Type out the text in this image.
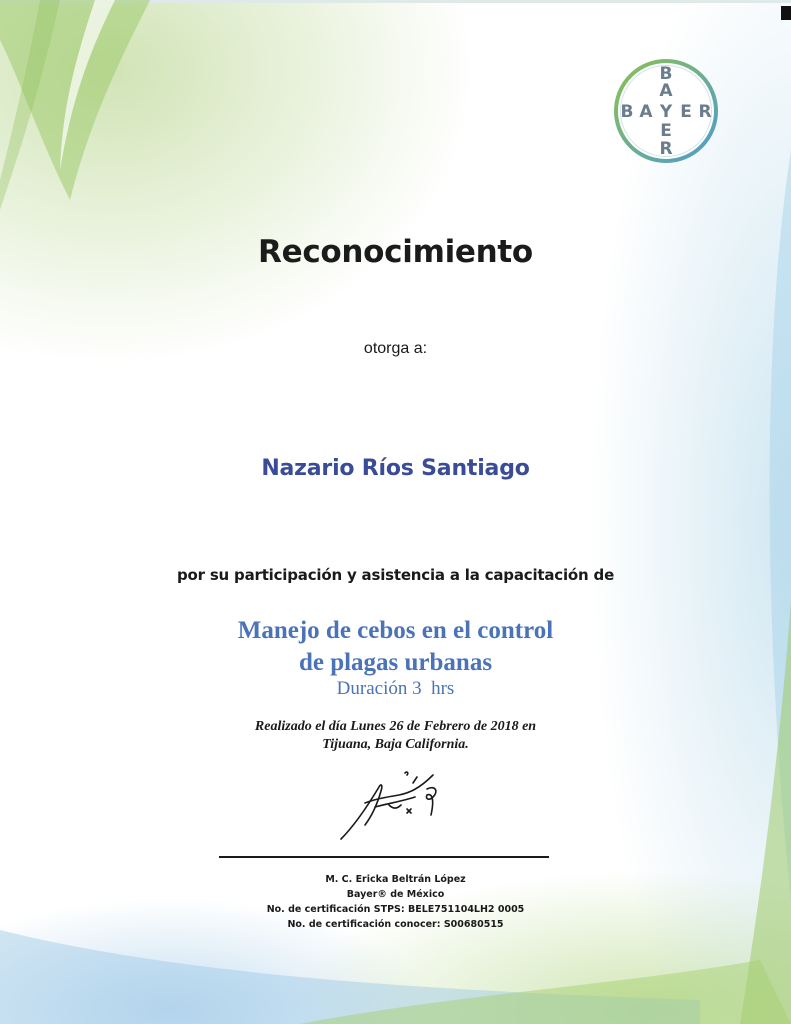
B
A
B A Y E R
E
R
Reconocimiento
otorga a:
Nazario Ríos Santiago
por su participación y asistencia a la capacitación de
Manejo de cebos en el control
de plagas urbanas
Duración 3  hrs
Realizado el día Lunes 26 de Febrero de 2018 en
Tijuana, Baja California.
M. C. Ericka Beltrán López
Bayer® de México
No. de certificación STPS: BELE751104LH2 0005
No. de certificación conocer: S00680515
